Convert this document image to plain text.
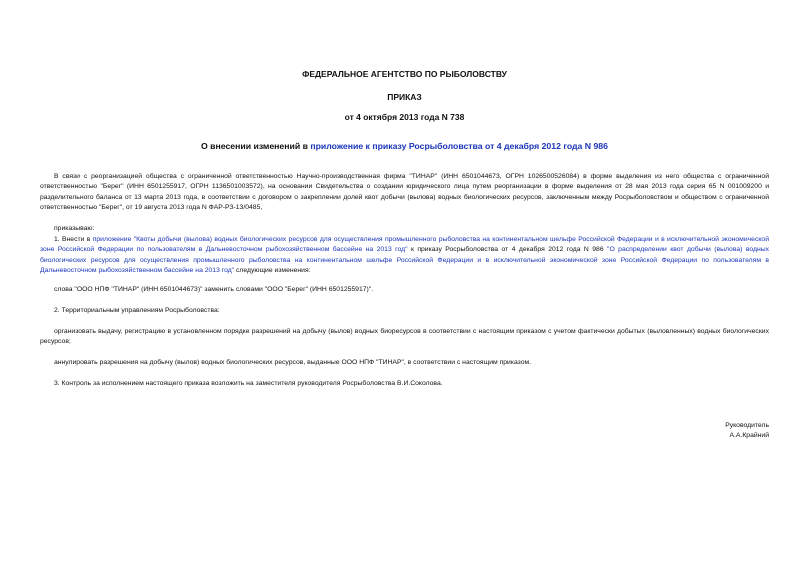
ФЕДЕРАЛЬНОЕ АГЕНТСТВО ПО РЫБОЛОВСТВУ
ПРИКАЗ
от 4 октября 2013 года N 738
О внесении изменений в приложение к приказу Росрыболовства от 4 декабря 2012 года N 986
В связи с реорганизацией общества с ограниченной ответственностью Научно-производственная фирма "ТИНАР" (ИНН 6501044673, ОГРН 1026500526084) в форме выделения из него общества с ограниченной ответственностью "Берег" (ИНН 6501255917, ОГРН 1136501003572), на основании Свидетельства о создании юридического лица путем реорганизации в форме выделения от 28 мая 2013 года серия 65 N 001009200 и разделительного баланса от 13 марта 2013 года, в соответствии с договором о закреплении долей квот добычи (вылова) водных биологических ресурсов, заключенным между Росрыболовством и обществом с ограниченной ответственностью "Берег", от 19 августа 2013 года N ФАР-РЗ-13/0485,
приказываю:
1. Внести в приложение "Квоты добычи (вылова) водных биологических ресурсов для осуществления промышленного рыболовства на континентальном шельфе Российской Федерации и в исключительной экономической зоне Российской Федерации по пользователям в Дальневосточном рыбохозяйственном бассейне на 2013 год" к приказу Росрыболовства от 4 декабря 2012 года N 986 "О распределении квот добычи (вылова) водных биологических ресурсов для осуществления промышленного рыболовства на континентальном шельфе Российской Федерации и в исключительной экономической зоне Российской Федерации по пользователям в Дальневосточном рыбохозяйственном бассейне на 2013 год" следующие изменения:
слова "ООО НПФ "ТИНАР" (ИНН 6501044673)" заменить словами "ООО "Берег" (ИНН 6501255917)".
2. Территориальным управлениям Росрыболовства:
организовать выдачу, регистрацию в установленном порядке разрешений на добычу (вылов) водных биоресурсов в соответствии с настоящим приказом с учетом фактически добытых (выловленных) водных биологических ресурсов;
аннулировать разрешения на добычу (вылов) водных биологических ресурсов, выданные ООО НПФ "ТИНАР", в соответствии с настоящим приказом.
3. Контроль за исполнением настоящего приказа возложить на заместителя руководителя Росрыболовства В.И.Соколова.
Руководитель
А.А.Крайний
